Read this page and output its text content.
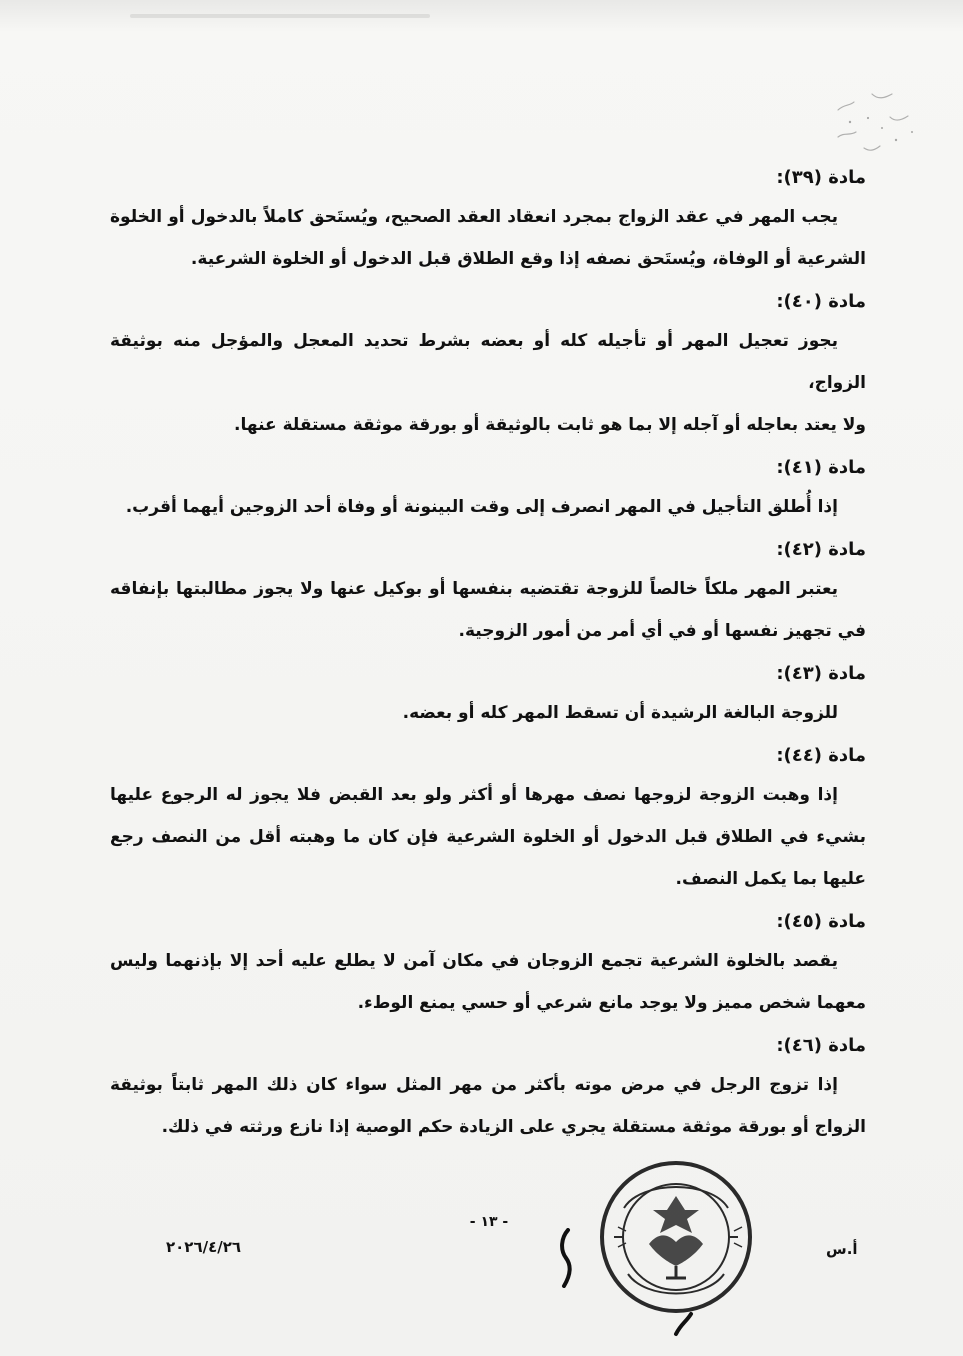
مادة (٣٩):

يجب المهر في عقد الزواج بمجرد انعقاد العقد الصحيح، ويُستَحق كاملاً بالدخول أو الخلوة الشرعية أو الوفاة، ويُستَحق نصفه إذا وقع الطلاق قبل الدخول أو الخلوة الشرعية.

مادة (٤٠):

يجوز تعجيل المهر أو تأجيله كله أو بعضه بشرط تحديد المعجل والمؤجل منه بوثيقة الزواج،

ولا يعتد بعاجله أو آجله إلا بما هو ثابت بالوثيقة أو بورقة موثقة مستقلة عنها.

مادة (٤١):

إذا أُطلق التأجيل في المهر انصرف إلى وقت البينونة أو وفاة أحد الزوجين أيهما أقرب.

مادة (٤٢):

يعتبر المهر ملكاً خالصاً للزوجة تقتضيه بنفسها أو بوكيل عنها ولا يجوز مطالبتها بإنفاقه في تجهيز نفسها أو في أي أمر من أمور الزوجية.

مادة (٤٣):

للزوجة البالغة الرشيدة أن تسقط المهر كله أو بعضه.

مادة (٤٤):

إذا وهبت الزوجة لزوجها نصف مهرها أو أكثر ولو بعد القبض فلا يجوز له الرجوع عليها بشيء في الطلاق قبل الدخول أو الخلوة الشرعية فإن كان ما وهبته أقل من النصف رجع عليها بما يكمل النصف.

مادة (٤٥):

يقصد بالخلوة الشرعية تجمع الزوجان في مكان آمن لا يطلع عليه أحد إلا بإذنهما وليس معهما شخص مميز ولا يوجد مانع شرعي أو حسي يمنع الوطء.

مادة (٤٦):

إذا تزوج الرجل في مرض موته بأكثر من مهر المثل سواء كان ذلك المهر ثابتاً بوثيقة الزواج أو بورقة موثقة مستقلة يجري على الزيادة حكم الوصية إذا نازع ورثته في ذلك.

- ١٣ -
٢٠٢٦/٤/٢٦	أ.س
